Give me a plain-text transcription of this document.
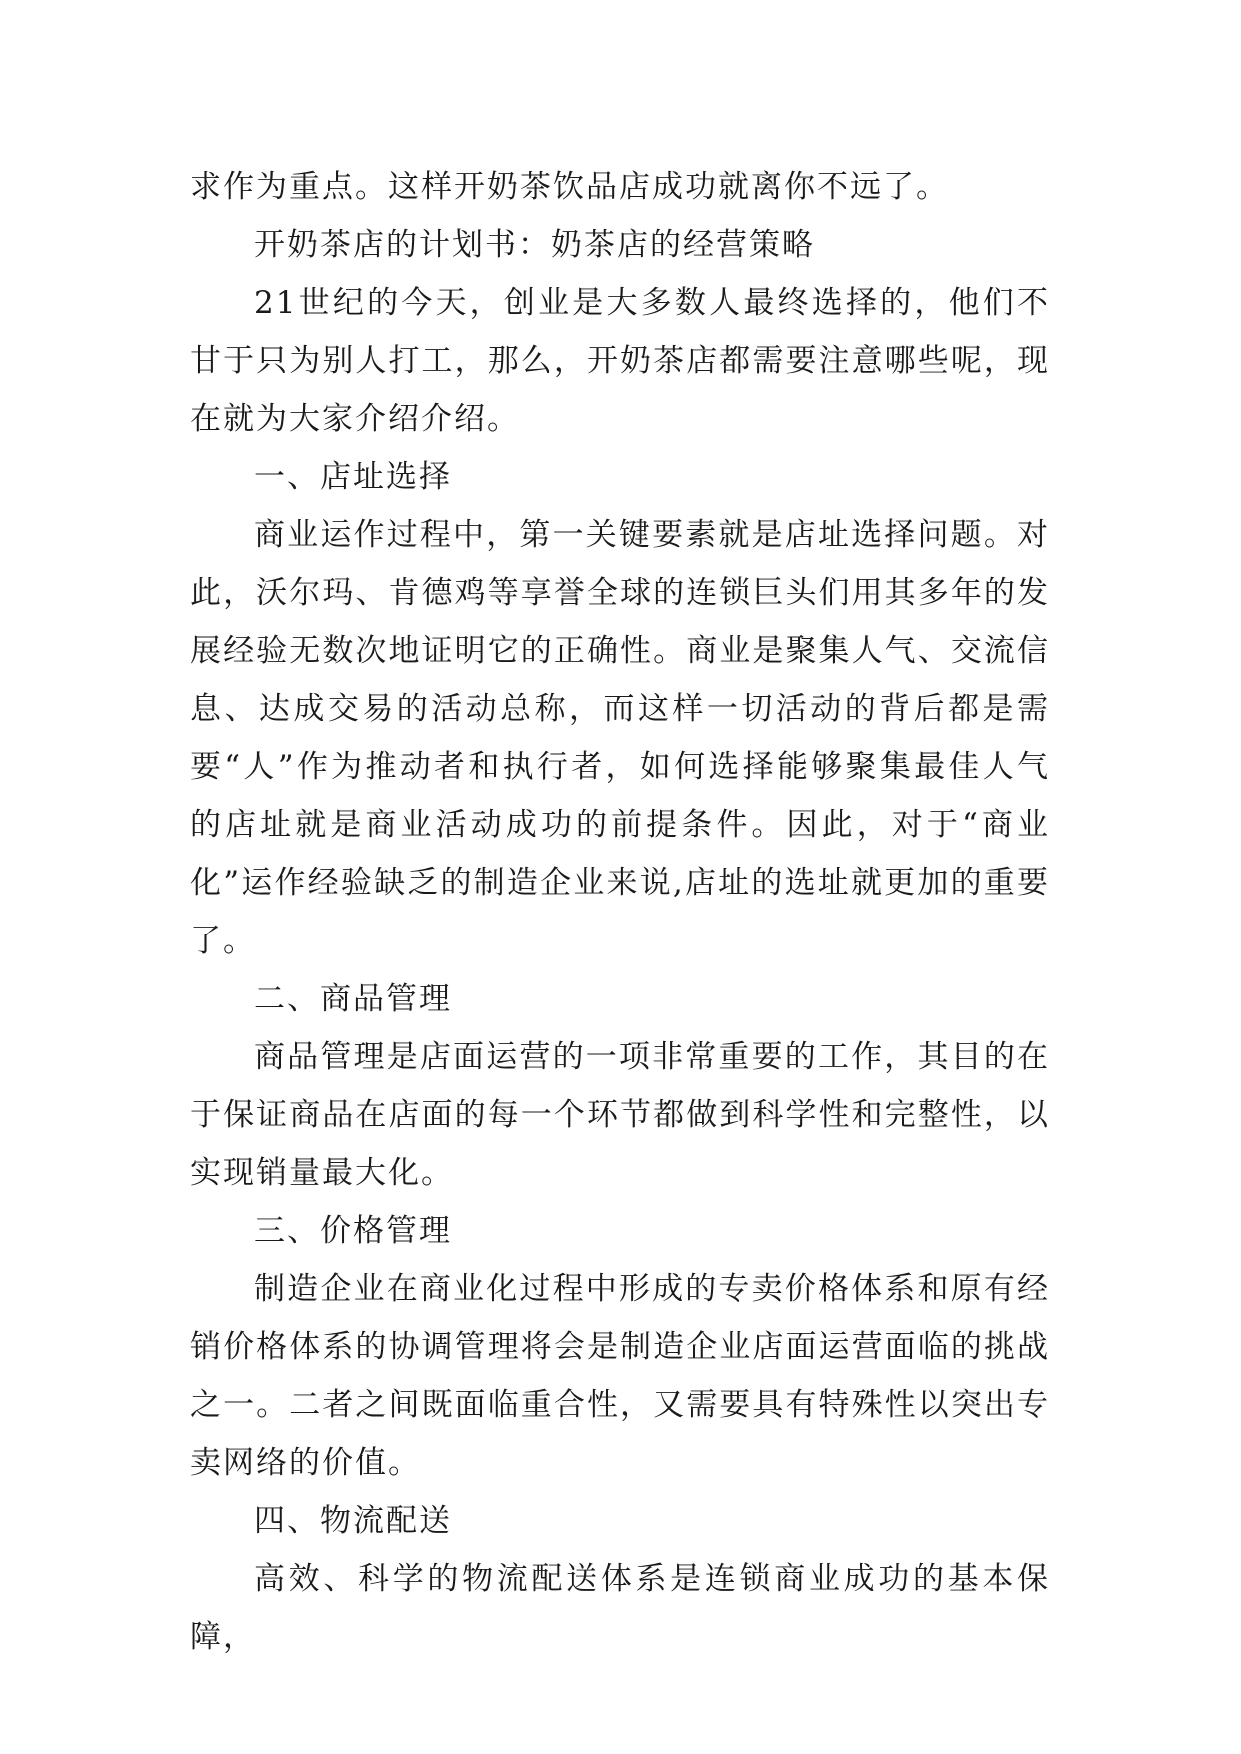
求作为重点。这样开奶茶饮品店成功就离你不远了。

开奶茶店的计划书：奶茶店的经营策略

21世纪的今天，创业是大多数人最终选择的，他们不甘于只为别人打工，那么，开奶茶店都需要注意哪些呢，现在就为大家介绍介绍。

一、店址选择

商业运作过程中，第一关键要素就是店址选择问题。对此，沃尔玛、肯德鸡等享誉全球的连锁巨头们用其多年的发展经验无数次地证明它的正确性。商业是聚集人气、交流信息、达成交易的活动总称，而这样一切活动的背后都是需要“人”作为推动者和执行者，如何选择能够聚集最佳人气的店址就是商业活动成功的前提条件。因此，对于“商业化”运作经验缺乏的制造企业来说,店址的选址就更加的重要了。

二、商品管理

商品管理是店面运营的一项非常重要的工作，其目的在于保证商品在店面的每一个环节都做到科学性和完整性，以实现销量最大化。

三、价格管理

制造企业在商业化过程中形成的专卖价格体系和原有经销价格体系的协调管理将会是制造企业店面运营面临的挑战之一。二者之间既面临重合性，又需要具有特殊性以突出专卖网络的价值。

四、物流配送

高效、科学的物流配送体系是连锁商业成功的基本保障，
